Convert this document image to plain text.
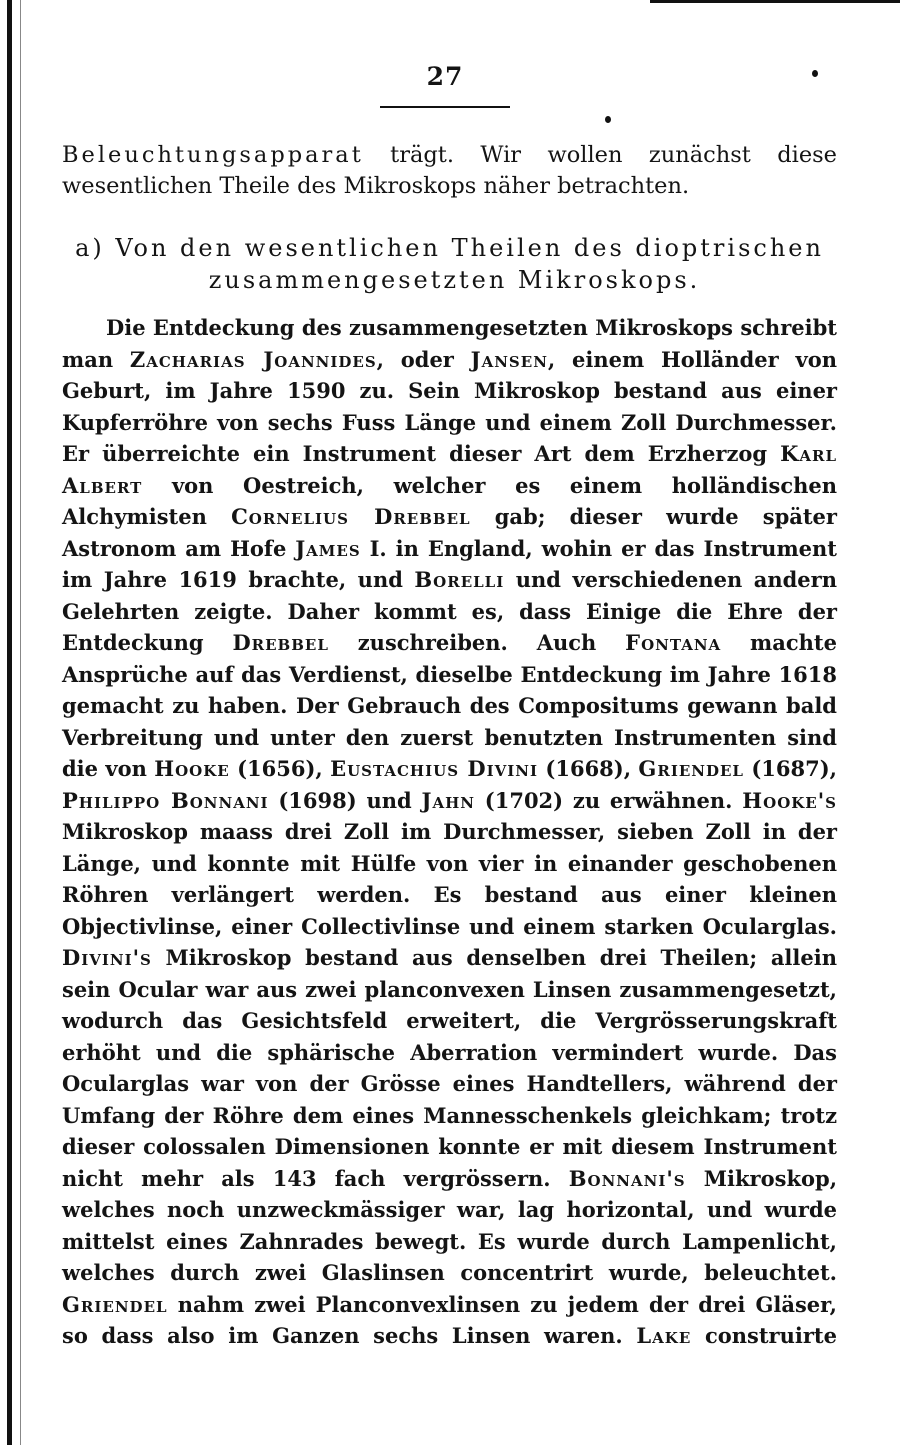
27
Beleuchtungsapparat trägt. Wir wollen zunächst diese wesentlichen Theile des Mikroskops näher betrachten.
a) Von den wesentlichen Theilen des dioptrischen
zusammengesetzten Mikroskops.
Die Entdeckung des zusammengesetzten Mikroskops schreibt man Zacharias Joannides, oder Jansen, einem Holländer von Geburt, im Jahre 1590 zu. Sein Mikroskop bestand aus einer Kupferröhre von sechs Fuss Länge und einem Zoll Durchmesser. Er überreichte ein Instrument dieser Art dem Erzherzog Karl Albert von Oestreich, welcher es einem holländischen Alchymisten Cornelius Drebbel gab; dieser wurde später Astronom am Hofe James I. in England, wohin er das Instrument im Jahre 1619 brachte, und Borelli und verschiedenen andern Gelehrten zeigte. Daher kommt es, dass Einige die Ehre der Entdeckung Drebbel zuschreiben. Auch Fontana machte Ansprüche auf das Verdienst, dieselbe Entdeckung im Jahre 1618 gemacht zu haben. Der Gebrauch des Compositums gewann bald Verbreitung und unter den zuerst benutzten Instrumenten sind die von Hooke (1656), Eustachius Divini (1668), Griendel (1687), Philippo Bonnani (1698) und Jahn (1702) zu erwähnen. Hooke's Mikroskop maass drei Zoll im Durchmesser, sieben Zoll in der Länge, und konnte mit Hülfe von vier in einander geschobenen Röhren verlängert werden. Es bestand aus einer kleinen Objectivlinse, einer Collectivlinse und einem starken Ocularglas. Divini's Mikroskop bestand aus denselben drei Theilen; allein sein Ocular war aus zwei planconvexen Linsen zusammengesetzt, wodurch das Gesichtsfeld erweitert, die Vergrösserungskraft erhöht und die sphärische Aberration vermindert wurde. Das Ocularglas war von der Grösse eines Handtellers, während der Umfang der Röhre dem eines Mannesschenkels gleichkam; trotz dieser colossalen Dimensionen konnte er mit diesem Instrument nicht mehr als 143 fach vergrössern. Bonnani's Mikroskop, welches noch unzweckmässiger war, lag horizontal, und wurde mittelst eines Zahnrades bewegt. Es wurde durch Lampenlicht, welches durch zwei Glaslinsen concentrirt wurde, beleuchtet. Griendel nahm zwei Planconvexlinsen zu jedem der drei Gläser, so dass also im Ganzen sechs Linsen waren. Lake construirte
